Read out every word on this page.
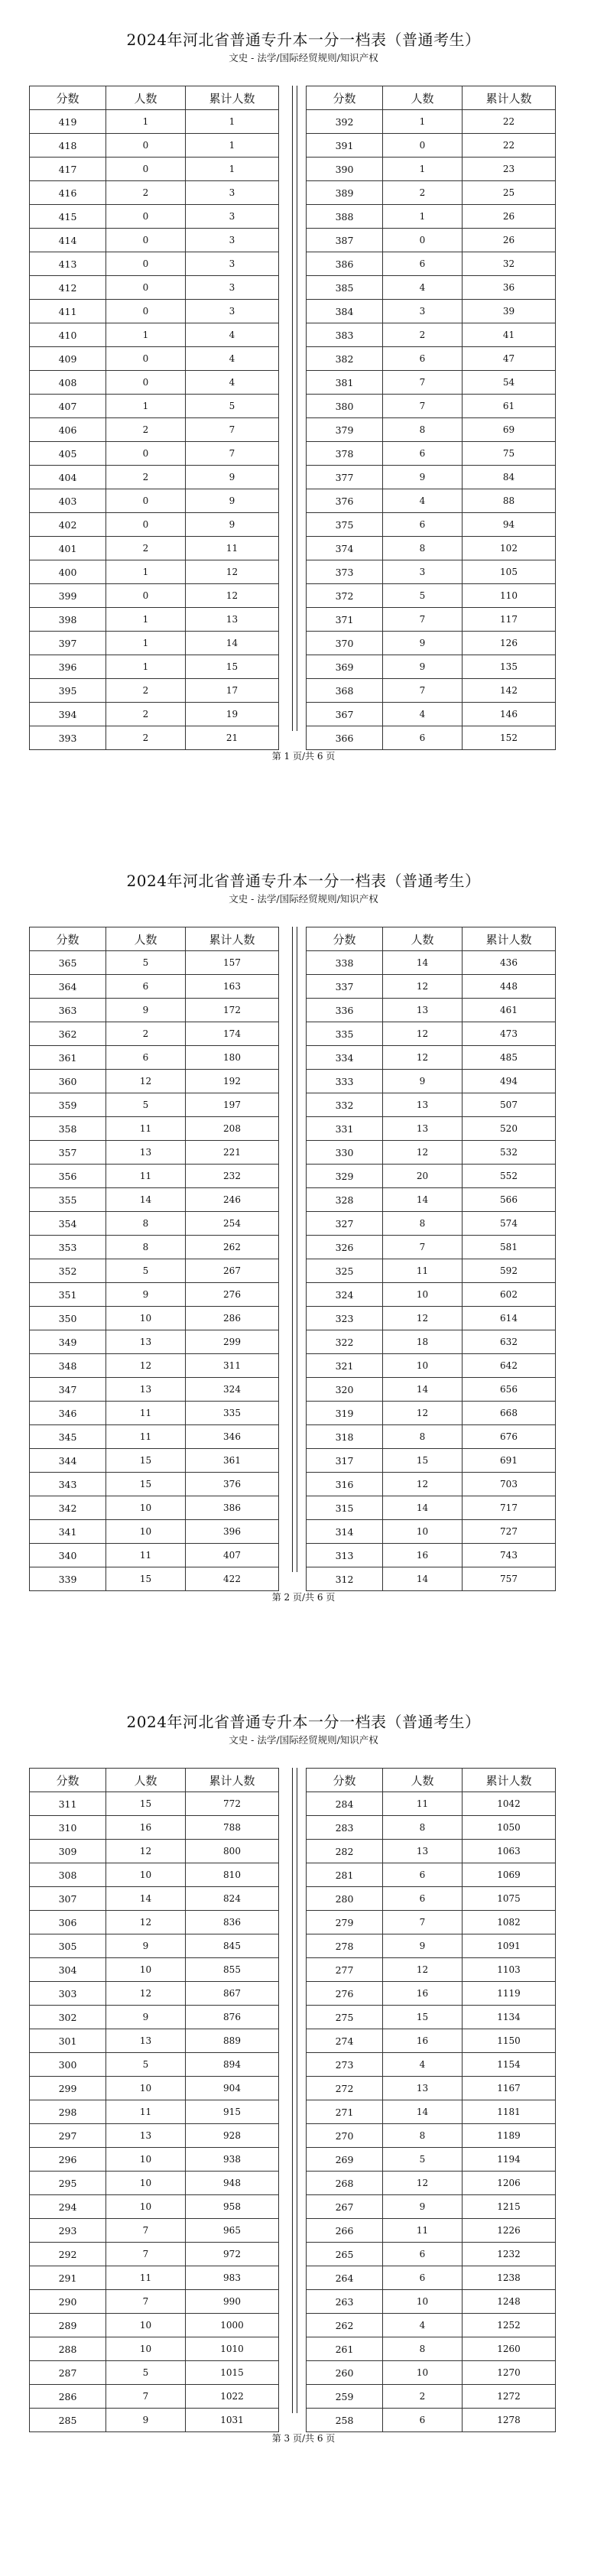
2024年河北省普通专升本一分一档表（普通考生）
文史 - 法学/国际经贸规则/知识产权
分数	人数	累计人数
419	1	1
418	0	1
417	0	1
416	2	3
415	0	3
414	0	3
413	0	3
412	0	3
411	0	3
410	1	4
409	0	4
408	0	4
407	1	5
406	2	7
405	0	7
404	2	9
403	0	9
402	0	9
401	2	11
400	1	12
399	0	12
398	1	13
397	1	14
396	1	15
395	2	17
394	2	19
393	2	21
分数	人数	累计人数
392	1	22
391	0	22
390	1	23
389	2	25
388	1	26
387	0	26
386	6	32
385	4	36
384	3	39
383	2	41
382	6	47
381	7	54
380	7	61
379	8	69
378	6	75
377	9	84
376	4	88
375	6	94
374	8	102
373	3	105
372	5	110
371	7	117
370	9	126
369	9	135
368	7	142
367	4	146
366	6	152
第 1 页/共 6 页
2024年河北省普通专升本一分一档表（普通考生）
文史 - 法学/国际经贸规则/知识产权
分数	人数	累计人数
365	5	157
364	6	163
363	9	172
362	2	174
361	6	180
360	12	192
359	5	197
358	11	208
357	13	221
356	11	232
355	14	246
354	8	254
353	8	262
352	5	267
351	9	276
350	10	286
349	13	299
348	12	311
347	13	324
346	11	335
345	11	346
344	15	361
343	15	376
342	10	386
341	10	396
340	11	407
339	15	422
分数	人数	累计人数
338	14	436
337	12	448
336	13	461
335	12	473
334	12	485
333	9	494
332	13	507
331	13	520
330	12	532
329	20	552
328	14	566
327	8	574
326	7	581
325	11	592
324	10	602
323	12	614
322	18	632
321	10	642
320	14	656
319	12	668
318	8	676
317	15	691
316	12	703
315	14	717
314	10	727
313	16	743
312	14	757
第 2 页/共 6 页
2024年河北省普通专升本一分一档表（普通考生）
文史 - 法学/国际经贸规则/知识产权
分数	人数	累计人数
311	15	772
310	16	788
309	12	800
308	10	810
307	14	824
306	12	836
305	9	845
304	10	855
303	12	867
302	9	876
301	13	889
300	5	894
299	10	904
298	11	915
297	13	928
296	10	938
295	10	948
294	10	958
293	7	965
292	7	972
291	11	983
290	7	990
289	10	1000
288	10	1010
287	5	1015
286	7	1022
285	9	1031
分数	人数	累计人数
284	11	1042
283	8	1050
282	13	1063
281	6	1069
280	6	1075
279	7	1082
278	9	1091
277	12	1103
276	16	1119
275	15	1134
274	16	1150
273	4	1154
272	13	1167
271	14	1181
270	8	1189
269	5	1194
268	12	1206
267	9	1215
266	11	1226
265	6	1232
264	6	1238
263	10	1248
262	4	1252
261	8	1260
260	10	1270
259	2	1272
258	6	1278
第 3 页/共 6 页
